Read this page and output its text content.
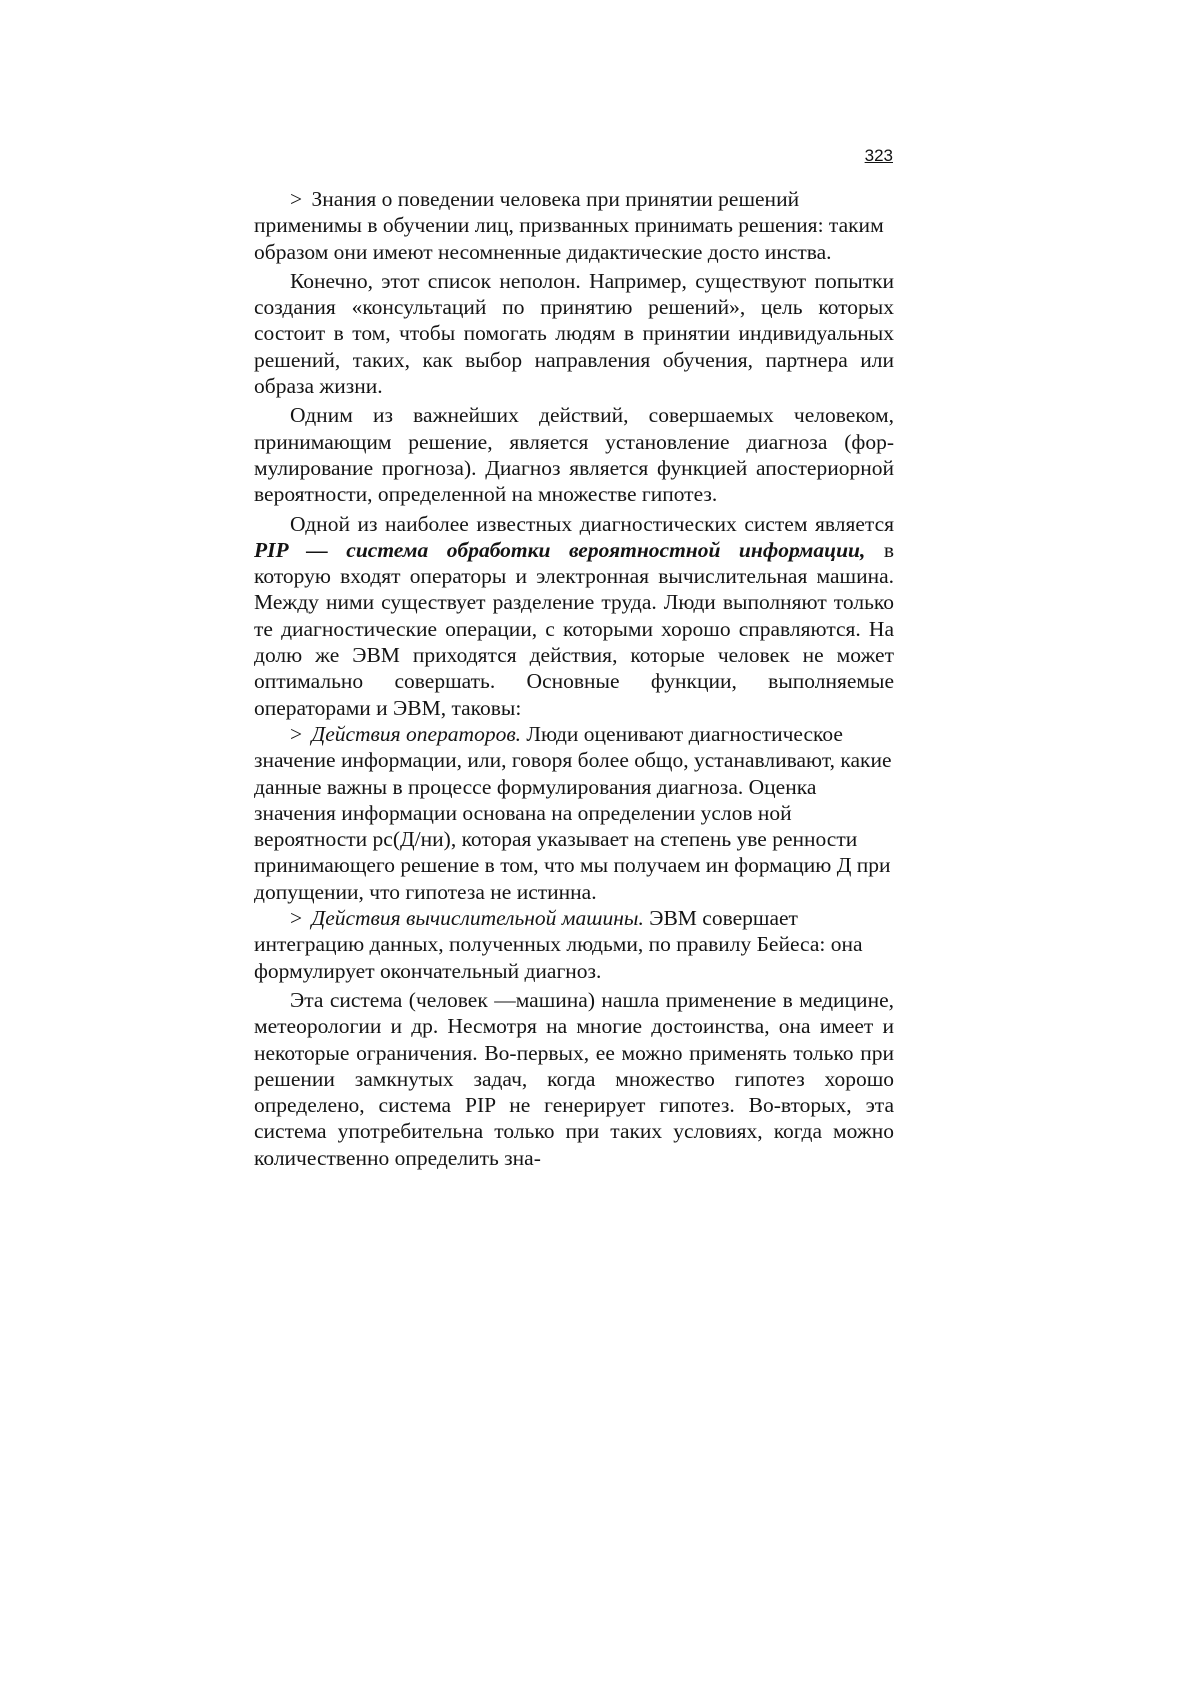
323

> Знания о поведении человека при принятии решений применимы в обучении лиц, призванных принимать решения: таким образом они имеют несомненные дидактические досто инства.

Конечно, этот список неполон. Например, существуют попытки создания «консультаций по принятию решений», цель которых состоит в том, чтобы помогать людям в принятии индивидуальных решений, таких, как выбор направления обучения, партнера или образа жизни.

Одним из важнейших действий, совершаемых человеком, принимающим решение, является установление диагноза (формулирование прогноза). Диагноз является функцией апостериорной вероятности, определенной на множестве гипотез.

Одной из наиболее известных диагностических систем является PIP — система обработки вероятностной информации, в которую входят операторы и электронная вычислительная машина. Между ними существует разделение труда. Люди выполняют только те диагностические операции, с которыми хорошо справляются. На долю же ЭВМ приходятся действия, которые человек не может оптимально совершать. Основные функции, выполняемые операторами и ЭВМ, таковы:

> Действия операторов. Люди оценивают диагностическое значение информации, или, говоря более общо, устанавливают, какие данные важны в процессе формулирования диагноза. Оценка значения информации основана на определении услов ной вероятности рс(Д/ни), которая указывает на степень уве ренности принимающего решение в том, что мы получаем ин формацию Д при допущении, что гипотеза не истинна.

> Действия вычислительной машины. ЭВМ совершает интеграцию данных, полученных людьми, по правилу Бейеса: она формулирует окончательный диагноз.

Эта система (человек —машина) нашла применение в медицине, метеорологии и др. Несмотря на многие достоинства, она имеет и некоторые ограничения. Во-первых, ее можно применять только при решении замкнутых задач, когда множество гипотез хорошо определено, система PIP не генерирует гипотез. Во-вторых, эта система употребительна только при таких условиях, когда можно количественно определить зна-
